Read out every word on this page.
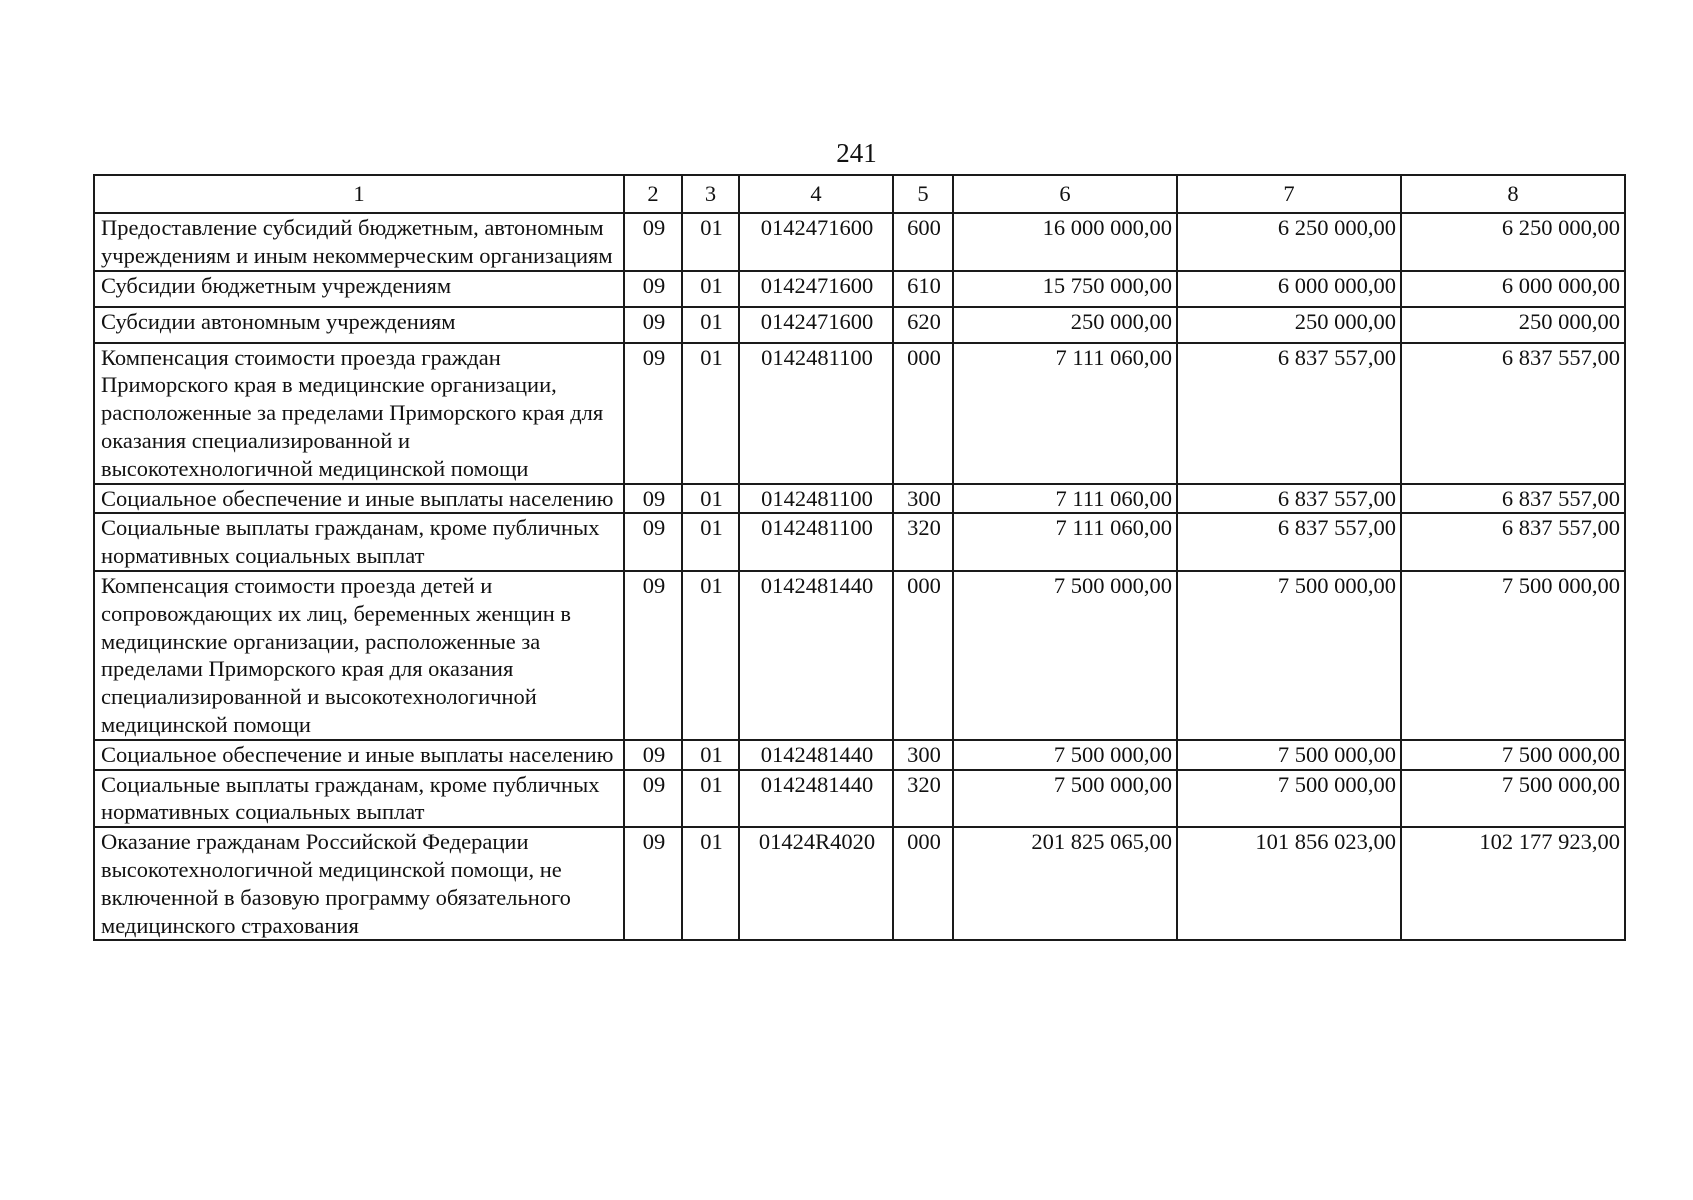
241
1	2	3	4	5	6	7	8
Предоставление субсидий бюджетным, автономным учреждениям и иным некоммерческим организациям	09	01	0142471600	600	16 000 000,00	6 250 000,00	6 250 000,00
Субсидии бюджетным учреждениям	09	01	0142471600	610	15 750 000,00	6 000 000,00	6 000 000,00
Субсидии автономным учреждениям	09	01	0142471600	620	250 000,00	250 000,00	250 000,00
Компенсация стоимости проезда граждан Приморского края в медицинские организации, расположенные за пределами Приморского края для оказания специализированной и высокотехнологичной медицинской помощи	09	01	0142481100	000	7 111 060,00	6 837 557,00	6 837 557,00
Социальное обеспечение и иные выплаты населению	09	01	0142481100	300	7 111 060,00	6 837 557,00	6 837 557,00
Социальные выплаты гражданам, кроме публичных нормативных социальных выплат	09	01	0142481100	320	7 111 060,00	6 837 557,00	6 837 557,00
Компенсация стоимости проезда детей и сопровождающих их лиц, беременных женщин в медицинские организации, расположенные за пределами Приморского края для оказания специализированной и высокотехнологичной медицинской помощи	09	01	0142481440	000	7 500 000,00	7 500 000,00	7 500 000,00
Социальное обеспечение и иные выплаты населению	09	01	0142481440	300	7 500 000,00	7 500 000,00	7 500 000,00
Социальные выплаты гражданам, кроме публичных нормативных социальных выплат	09	01	0142481440	320	7 500 000,00	7 500 000,00	7 500 000,00
Оказание гражданам Российской Федерации высокотехнологичной медицинской помощи, не включенной в базовую программу обязательного медицинского страхования	09	01	01424R4020	000	201 825 065,00	101 856 023,00	102 177 923,00
